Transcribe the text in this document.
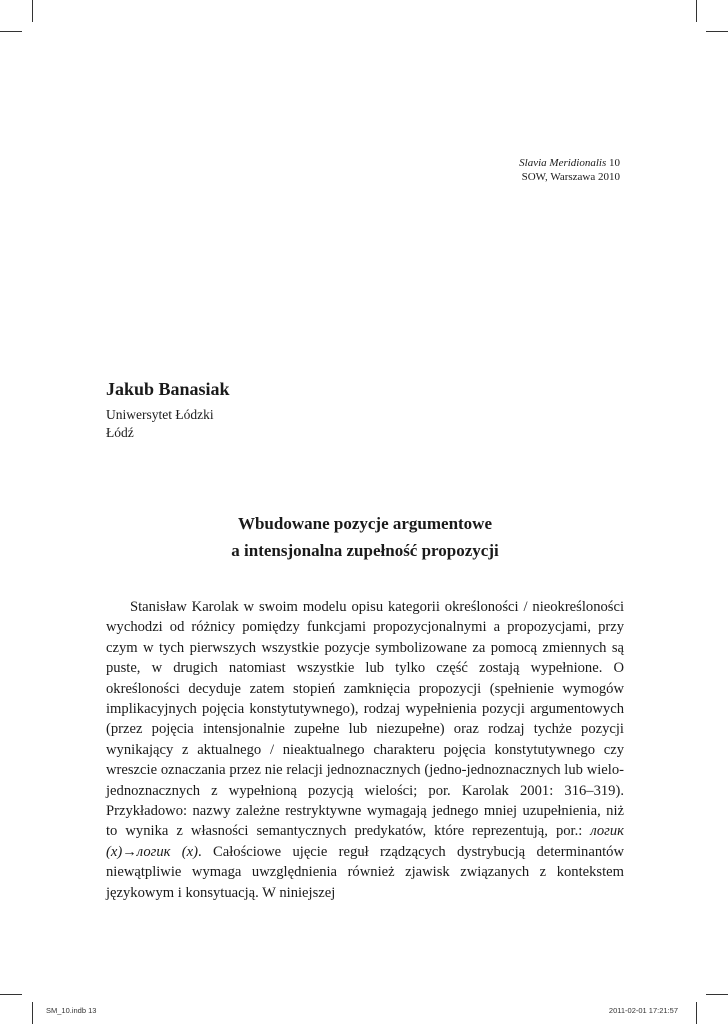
Slavia Meridionalis 10
SOW, Warszawa 2010
Jakub Banasiak
Uniwersytet Łódzki
Łódź
Wbudowane pozycje argumentowe
a intensjonalna zupełność propozycji

Stanisław Karolak w swoim modelu opisu kategorii określoności / nieokreśloności wychodzi od różnicy pomiędzy funkcjami propozycjonalnymi a propozycjami, przy czym w tych pierwszych wszystkie pozycje symbolizowane za pomocą zmiennych są puste, w drugich natomiast wszystkie lub tylko część zostają wypełnione. O określoności decyduje zatem stopień zamknięcia propozycji (spełnienie wymogów implikacyjnych pojęcia konstytutywnego), rodzaj wypełnienia pozycji argumentowych (przez pojęcia intensjonalnie zupełne lub niezupełne) oraz rodzaj tychże pozycji wynikający z aktualnego / nieaktualnego charakteru pojęcia konstytutywnego czy wreszcie oznaczania przez nie relacji jednoznacznych (jedno-jednoznacznych lub wielo-jednoznacznych z wypełnioną pozycją wielości; por. Karolak 2001: 316–319). Przykładowo: nazwy zależne restryktywne wymagają jednego mniej uzupełnienia, niż to wynika z własności semantycznych predykatów, które reprezentują, por.: логик (x)→логик (x). Całościowe ujęcie reguł rządzących dystrybucją determinantów niewątpliwie wymaga uwzględnienia również zjawisk związanych z kontekstem językowym i konsytuacją. W niniejszej

SM_10.indb 13	2011-02-01 17:21:57
